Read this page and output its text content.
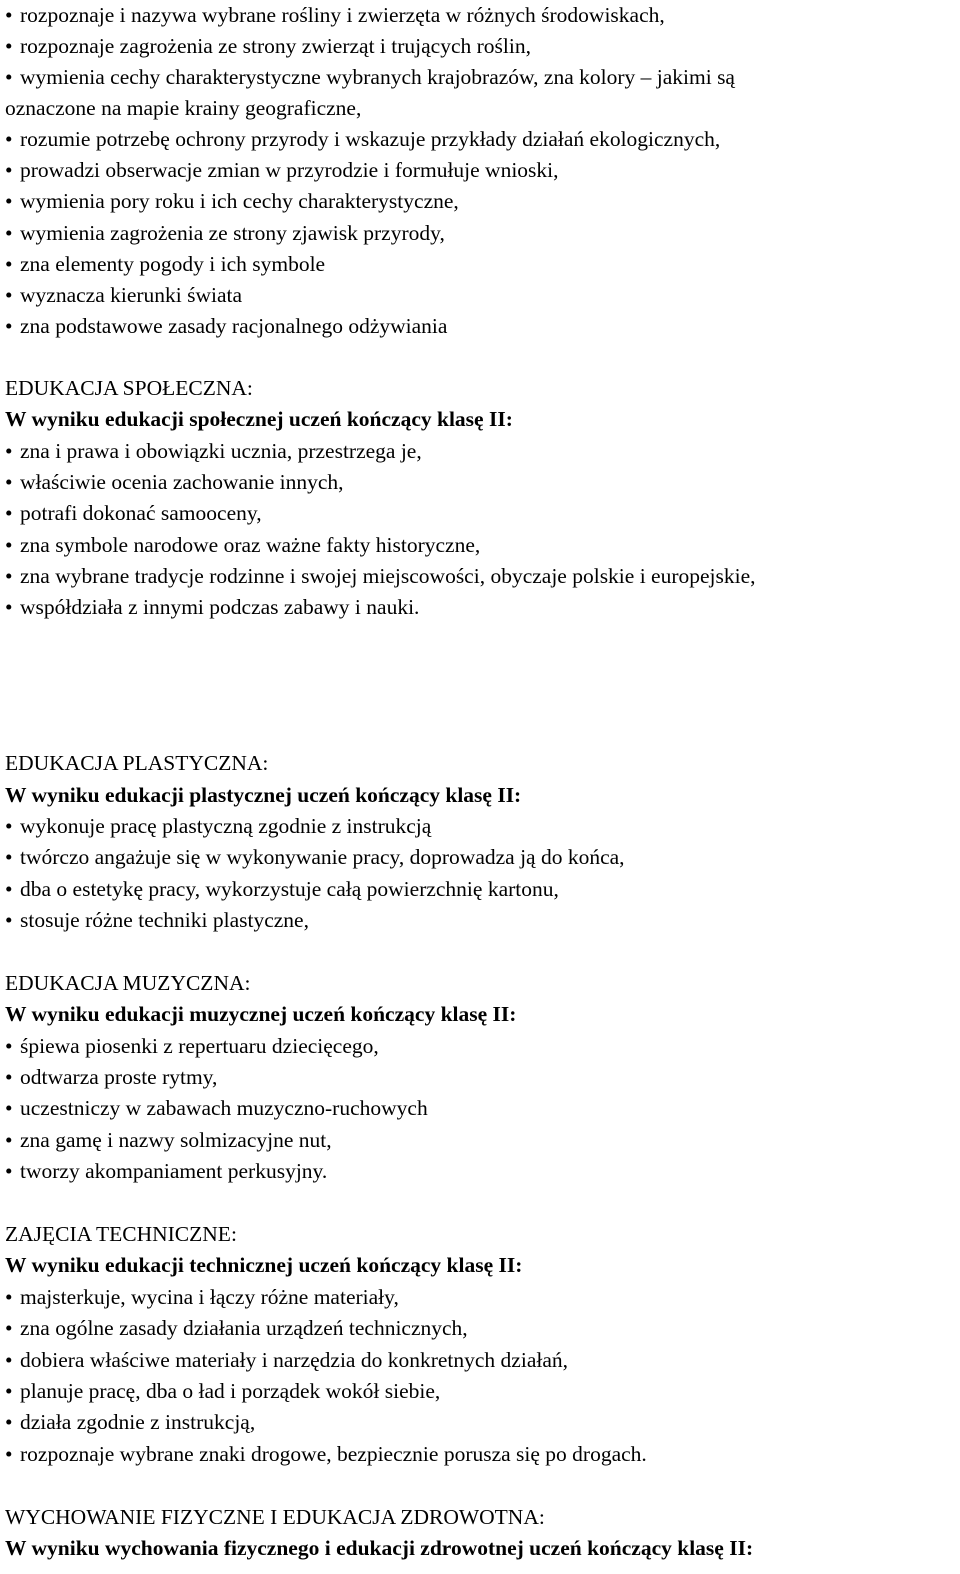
• rozpoznaje i nazywa wybrane rośliny i zwierzęta w różnych środowiskach,
• rozpoznaje zagrożenia ze strony zwierząt i trujących roślin,
• wymienia cechy charakterystyczne wybranych krajobrazów, zna kolory – jakimi są
oznaczone na mapie krainy geograficzne,
• rozumie potrzebę ochrony przyrody i wskazuje przykłady działań ekologicznych,
• prowadzi obserwacje zmian w przyrodzie i formułuje wnioski,
• wymienia pory roku i ich cechy charakterystyczne,
• wymienia zagrożenia ze strony zjawisk przyrody,
• zna elementy pogody i ich symbole
• wyznacza kierunki świata
• zna podstawowe zasady racjonalnego odżywiania
EDUKACJA SPOŁECZNA:
W wyniku edukacji społecznej uczeń kończący klasę II:
• zna i prawa i obowiązki ucznia, przestrzega je,
• właściwie ocenia zachowanie innych,
• potrafi dokonać samooceny,
• zna symbole narodowe oraz ważne fakty historyczne,
• zna wybrane tradycje rodzinne i swojej miejscowości, obyczaje polskie i europejskie,
• współdziała z innymi podczas zabawy i nauki.
EDUKACJA PLASTYCZNA:
W wyniku edukacji plastycznej uczeń kończący klasę II:
• wykonuje pracę plastyczną zgodnie z instrukcją
• twórczo angażuje się w wykonywanie pracy, doprowadza ją do końca,
• dba o estetykę pracy, wykorzystuje całą powierzchnię kartonu,
• stosuje różne techniki plastyczne,
EDUKACJA MUZYCZNA:
W wyniku edukacji muzycznej uczeń kończący klasę II:
• śpiewa piosenki z repertuaru dziecięcego,
• odtwarza proste rytmy,
• uczestniczy w zabawach muzyczno-ruchowych
• zna gamę i nazwy solmizacyjne nut,
• tworzy akompaniament perkusyjny.
ZAJĘCIA TECHNICZNE:
W wyniku edukacji technicznej uczeń kończący klasę II:
• majsterkuje, wycina i łączy różne materiały,
• zna ogólne zasady działania urządzeń technicznych,
• dobiera właściwe materiały i narzędzia do konkretnych działań,
• planuje pracę, dba o ład i porządek wokół siebie,
• działa zgodnie z instrukcją,
• rozpoznaje wybrane znaki drogowe, bezpiecznie porusza się po drogach.
WYCHOWANIE FIZYCZNE I EDUKACJA ZDROWOTNA:
W wyniku wychowania fizycznego i edukacji zdrowotnej uczeń kończący klasę II:
